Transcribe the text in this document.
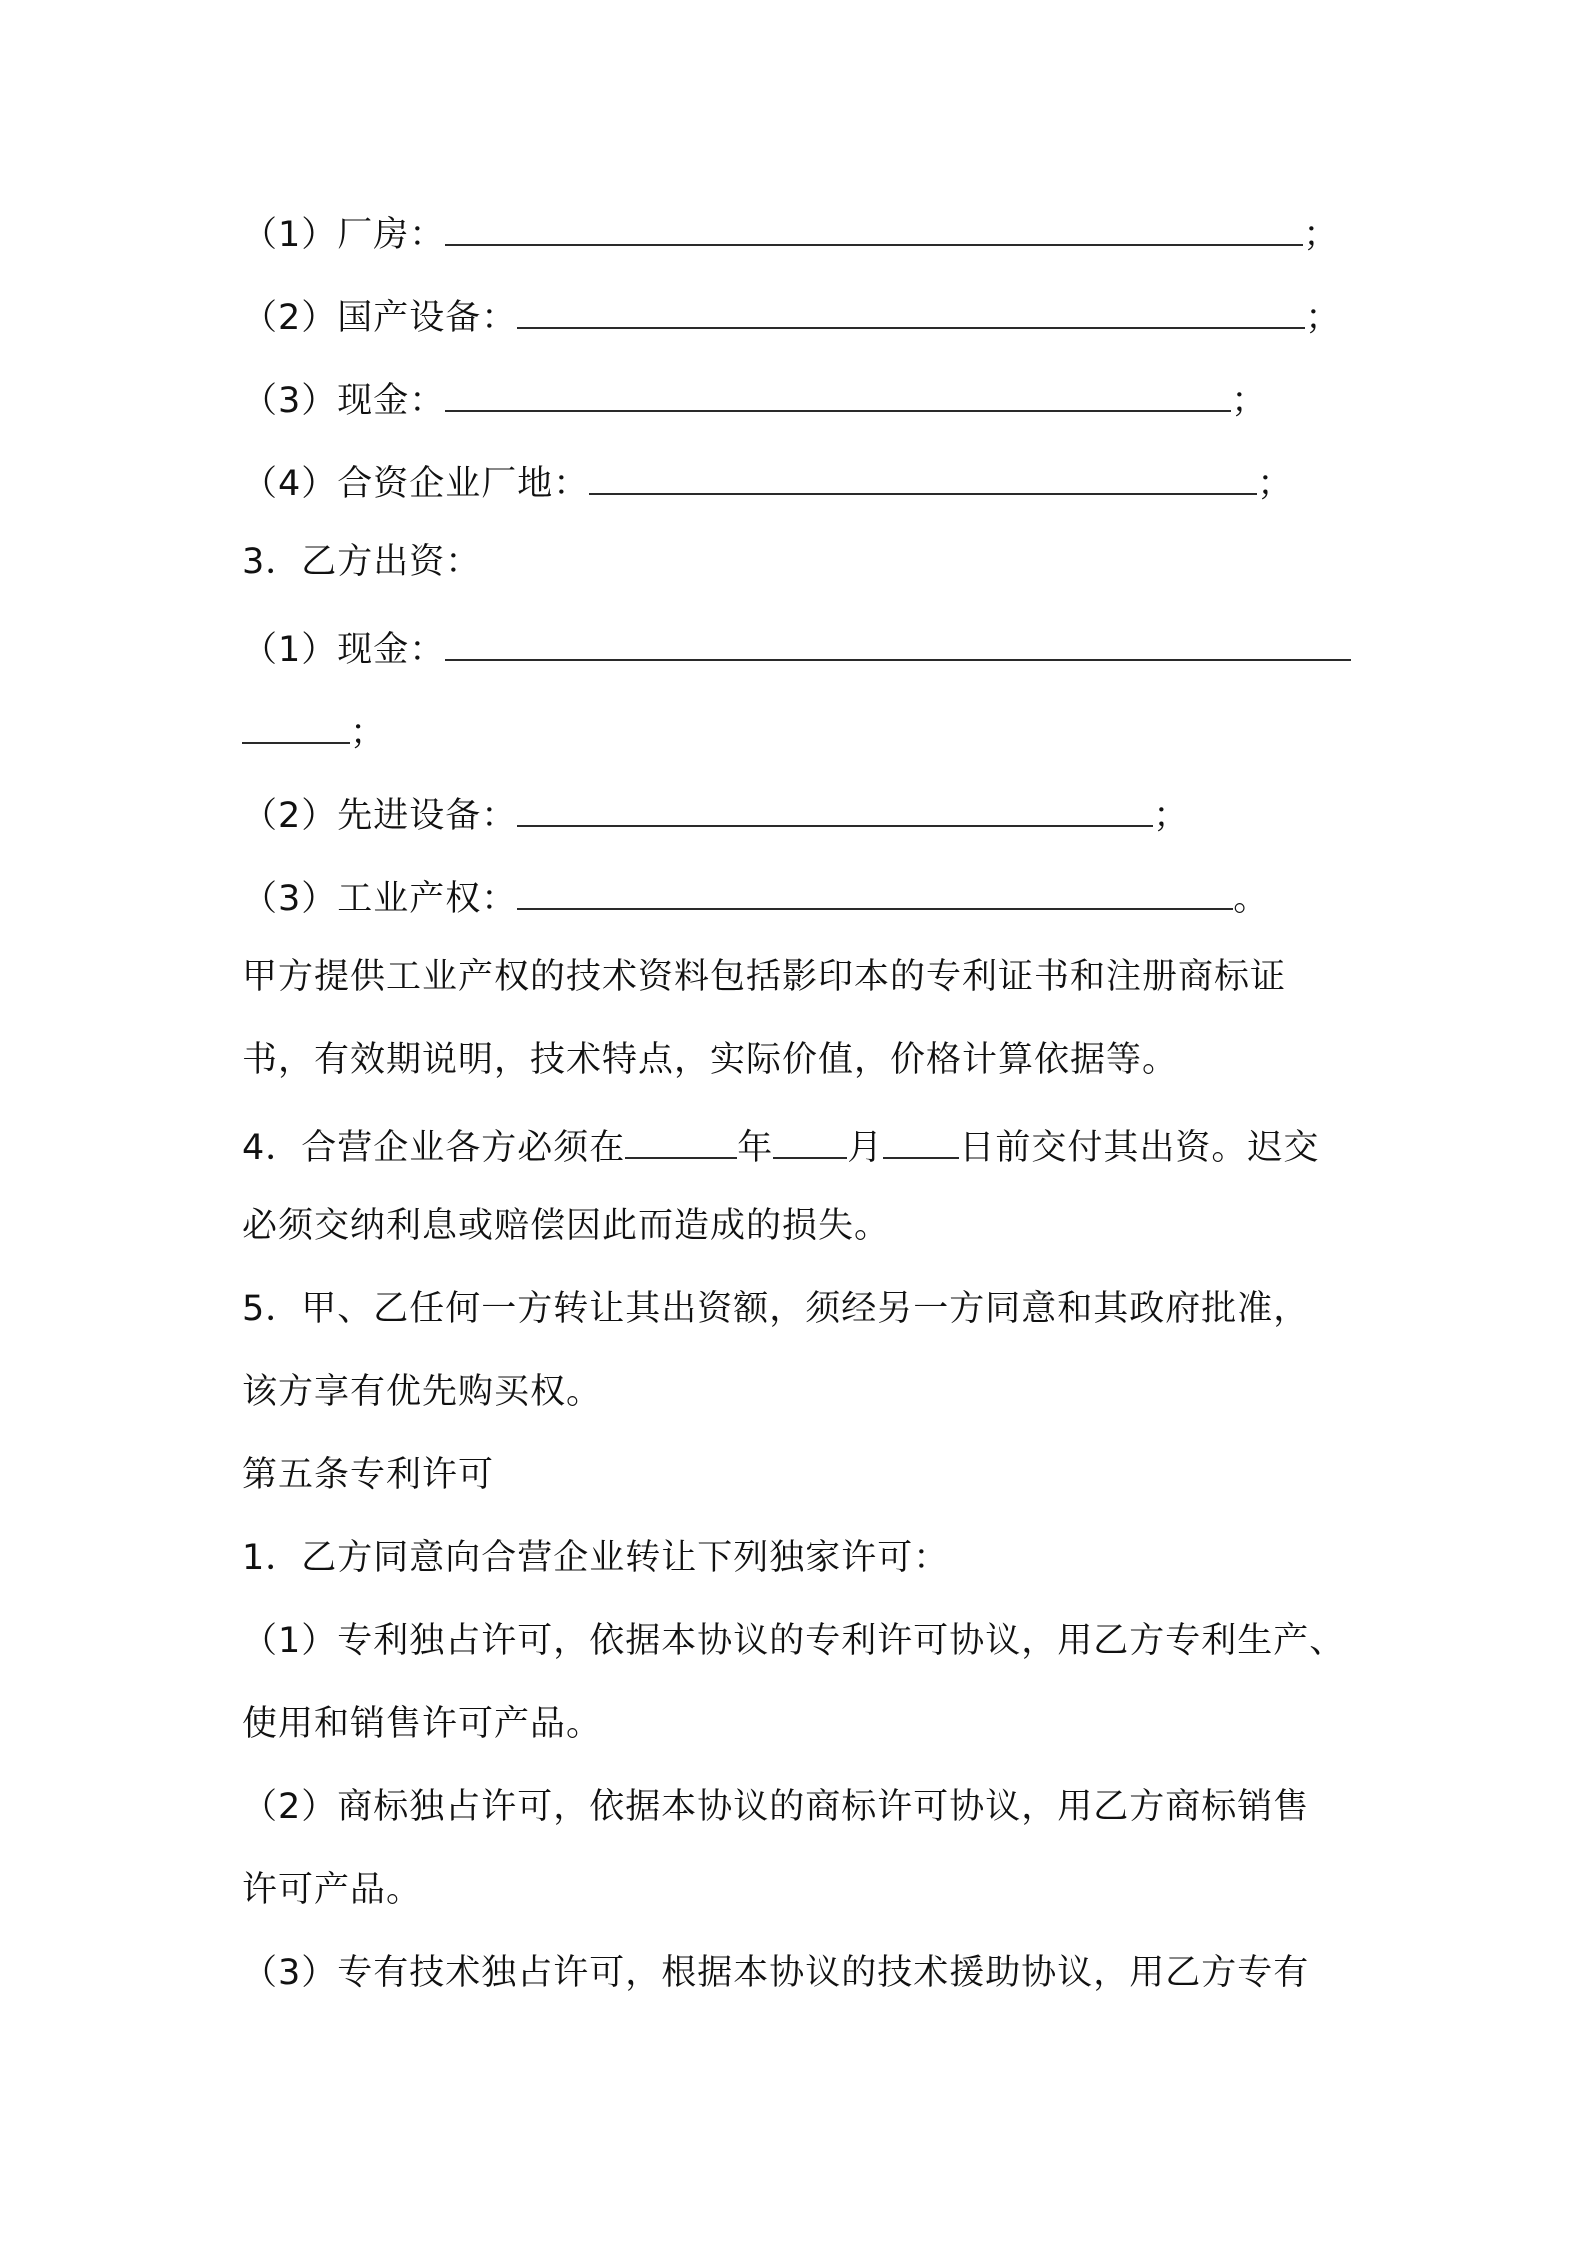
（1）厂房：	；
（2）国产设备：	；
（3）现金：	；
（4）合资企业厂地：	；
3．乙方出资：
（1）现金：
；
（2）先进设备：	；
（3）工业产权：	。
甲方提供工业产权的技术资料包括影印本的专利证书和注册商标证
书，有效期说明，技术特点，实际价值，价格计算依据等。
4．合营企业各方必须在	年 月 日前交付其出资。迟交
必须交纳利息或赔偿因此而造成的损失。
5．甲、乙任何一方转让其出资额，须经另一方同意和其政府批准，
该方享有优先购买权。
第五条专利许可
1．乙方同意向合营企业转让下列独家许可：
（1）专利独占许可，依据本协议的专利许可协议，用乙方专利生产、
使用和销售许可产品。
（2）商标独占许可，依据本协议的商标许可协议，用乙方商标销售
许可产品。
（3）专有技术独占许可，根据本协议的技术援助协议，用乙方专有
